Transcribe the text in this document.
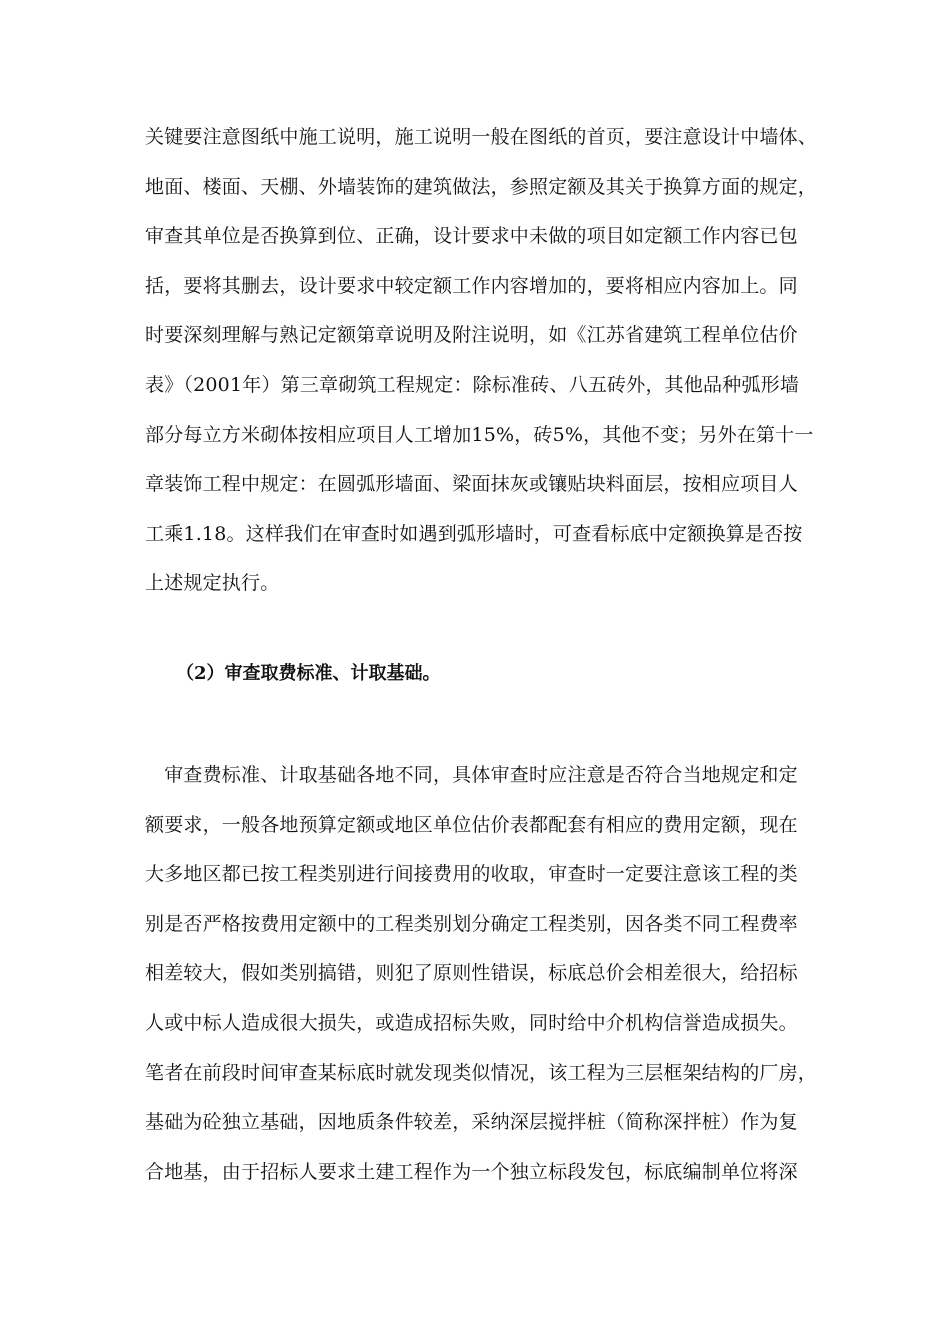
关键要注意图纸中施工说明，施工说明一般在图纸的首页，要注意设计中墙体、
地面、楼面、天棚、外墙装饰的建筑做法，参照定额及其关于换算方面的规定，
审查其单位是否换算到位、正确，设计要求中未做的项目如定额工作内容已包
括，要将其删去，设计要求中较定额工作内容增加的，要将相应内容加上。同
时要深刻理解与熟记定额第章说明及附注说明，如《江苏省建筑工程单位估价
表》（2001年）第三章砌筑工程规定：除标准砖、八五砖外，其他品种弧形墙
部分每立方米砌体按相应项目人工增加15%，砖5%，其他不变；另外在第十一
章装饰工程中规定：在圆弧形墙面、梁面抹灰或镶贴块料面层，按相应项目人
工乘1.18。这样我们在审查时如遇到弧形墙时，可查看标底中定额换算是否按
上述规定执行。
（2）审查取费标准、计取基础。
　审查费标准、计取基础各地不同，具体审查时应注意是否符合当地规定和定
额要求，一般各地预算定额或地区单位估价表都配套有相应的费用定额，现在
大多地区都已按工程类别进行间接费用的收取，审查时一定要注意该工程的类
别是否严格按费用定额中的工程类别划分确定工程类别，因各类不同工程费率
相差较大，假如类别搞错，则犯了原则性错误，标底总价会相差很大，给招标
人或中标人造成很大损失，或造成招标失败，同时给中介机构信誉造成损失。
笔者在前段时间审查某标底时就发现类似情况，该工程为三层框架结构的厂房，
基础为砼独立基础，因地质条件较差，采纳深层搅拌桩（简称深拌桩）作为复
合地基，由于招标人要求土建工程作为一个独立标段发包，标底编制单位将深
